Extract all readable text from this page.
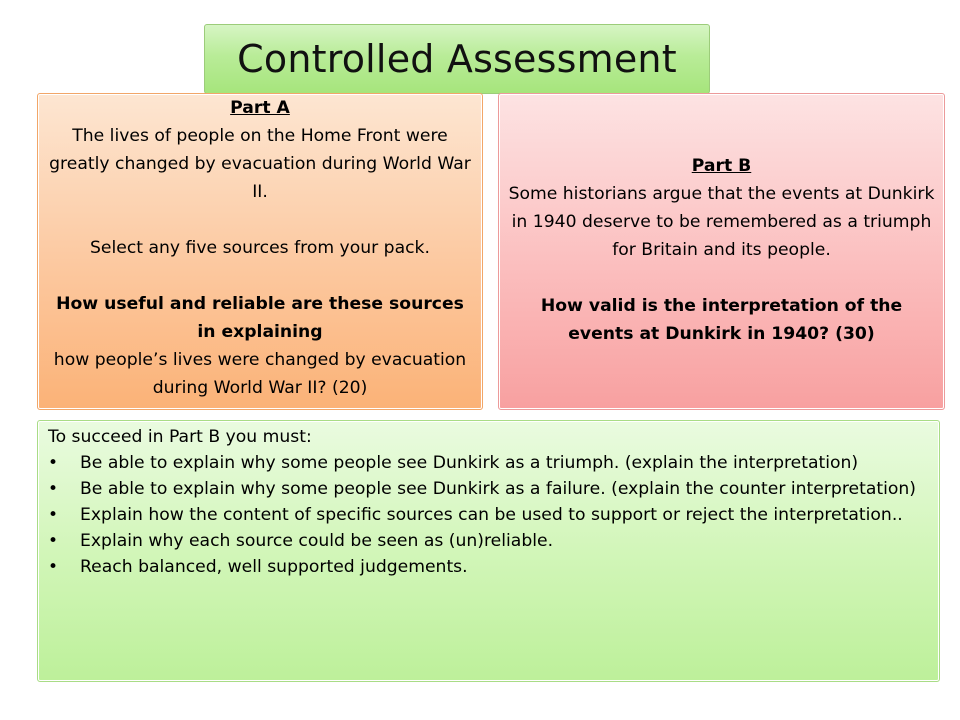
Controlled Assessment

Part A

The lives of people on the Home Front were greatly changed by evacuation during World War II.

Select any five sources from your pack.

How useful and reliable are these sources in explaining

how people’s lives were changed by evacuation during World War II? (20)

Part B

Some historians argue that the events at Dunkirk in 1940 deserve to be remembered as a triumph for Britain and its people.

How valid is the interpretation of the events at Dunkirk in 1940? (30)

To succeed in Part B you must:

•	Be able to explain why some people see Dunkirk as a triumph. (explain the interpretation)
•	Be able to explain why some people see Dunkirk as a failure. (explain the counter interpretation)
•	Explain how the content of specific sources can be used to support or reject the interpretation..
•	Explain why each source could be seen as (un)reliable.
•	Reach balanced, well supported judgements.
